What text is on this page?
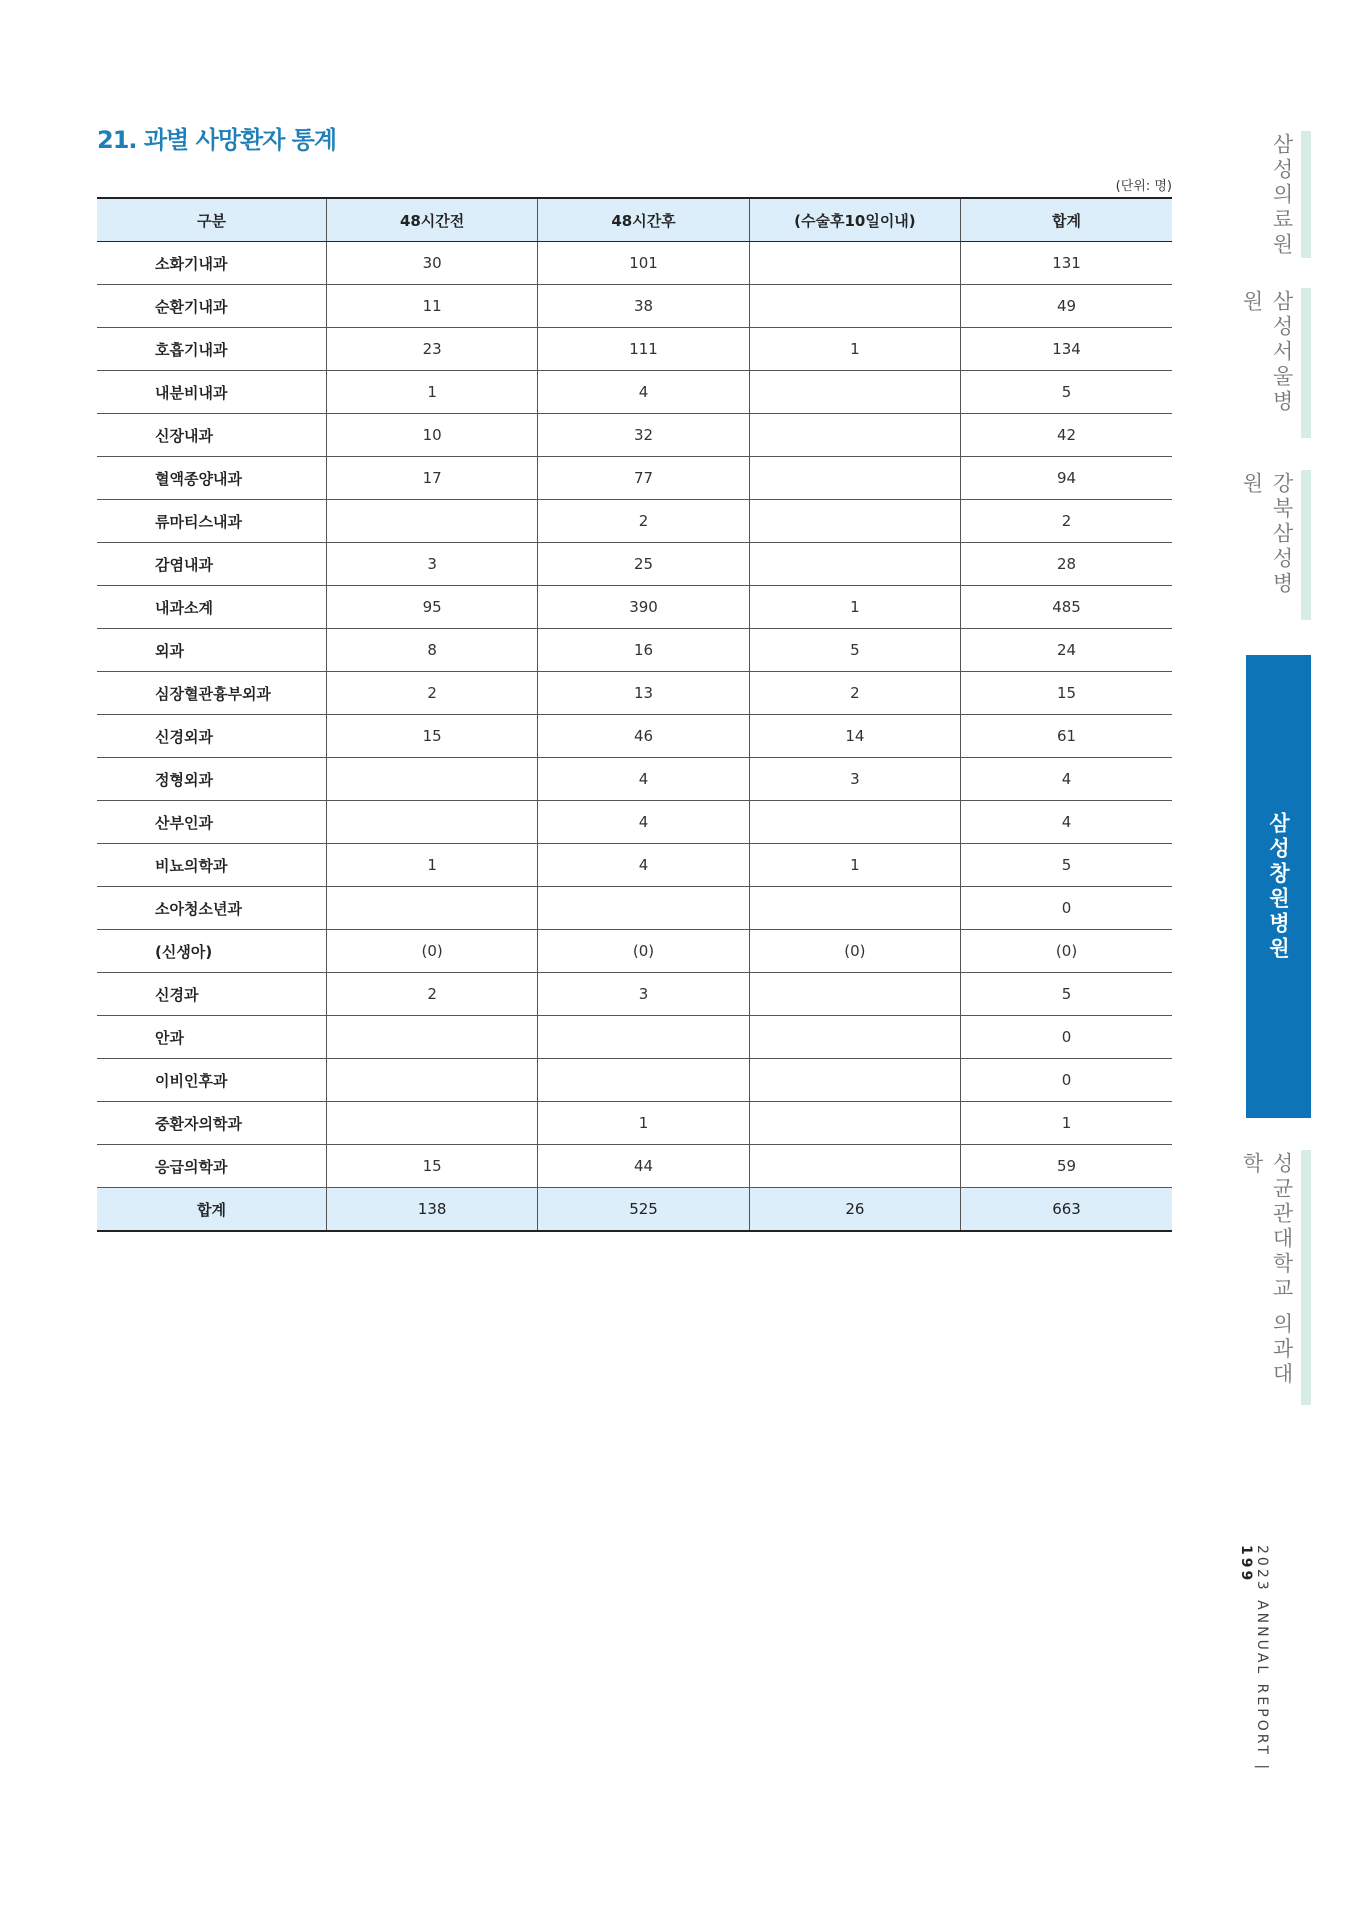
21. 과별 사망환자 통계
(단위: 명)
구분	48시간전	48시간후	(수술후10일이내)	합계
소화기내과	30	101		131
순환기내과	11	38		49
호흡기내과	23	111	1	134
내분비내과	1	4		5
신장내과	10	32		42
혈액종양내과	17	77		94
류마티스내과		2		2
감염내과	3	25		28
내과소계	95	390	1	485
외과	8	16	5	24
심장혈관흉부외과	2	13	2	15
신경외과	15	46	14	61
정형외과		4	3	4
산부인과		4		4
비뇨의학과	1	4	1	5
소아청소년과				0
(신생아)	(0)	(0)	(0)	(0)
신경과	2	3		5
안과				0
이비인후과				0
중환자의학과		1		1
응급의학과	15	44		59
합계	138	525	26	663
삼성의료원
삼성서울병원
강북삼성병원
삼성창원병원
성균관대학교 의과대학
2023 ANNUAL REPORT | 199
